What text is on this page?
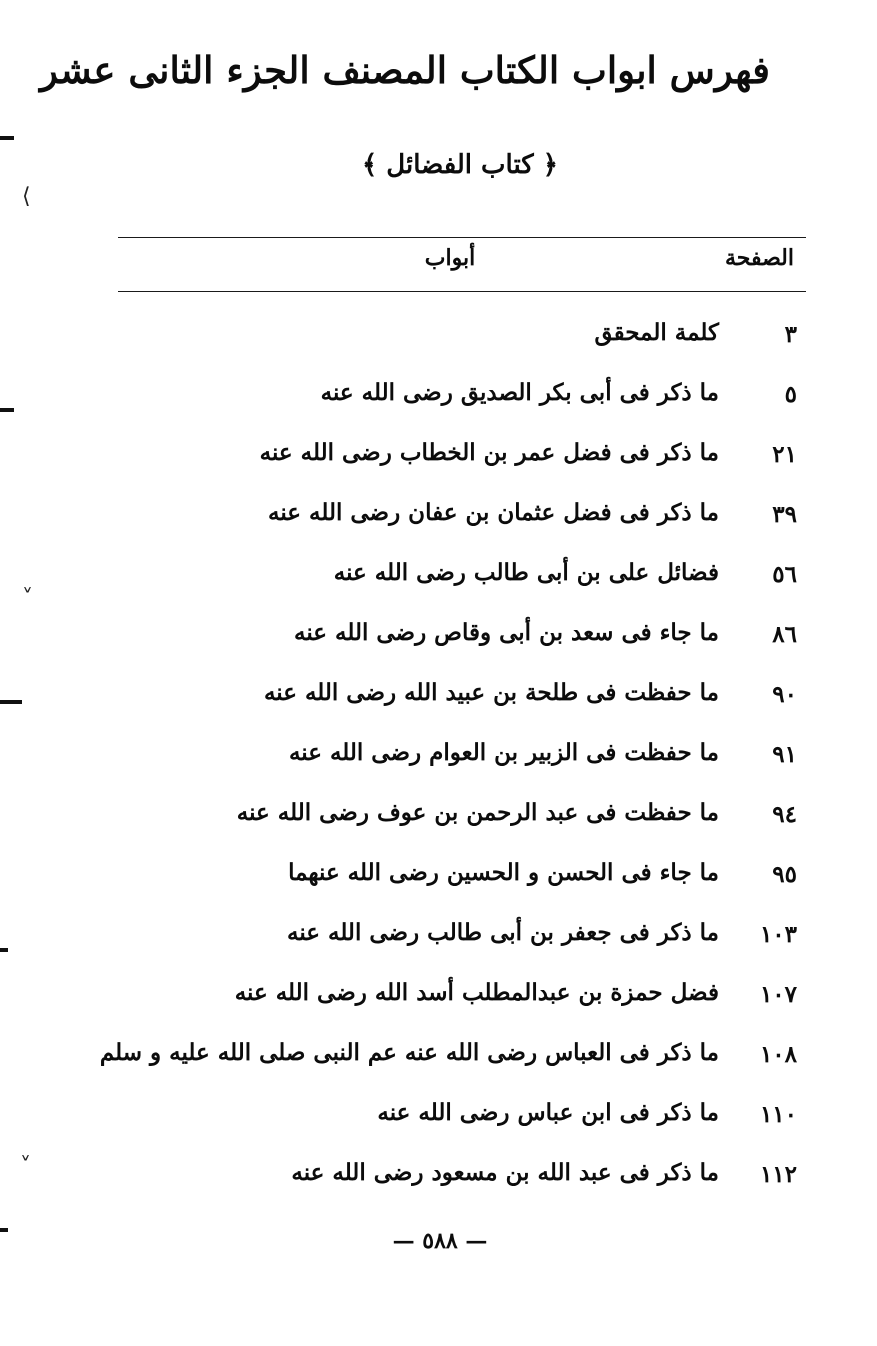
فهرس ابواب الكتاب المصنف الجزء الثانى عشر
﴿ كتاب الفضائل ﴾
الصفحة
أبواب
٣
كلمة المحقق
٥
ما ذكر فى أبى بكر الصديق رضى الله عنه
٢١
ما ذكر فى فضل عمر بن الخطاب رضى الله عنه
٣٩
ما ذكر فى فضل عثمان بن عفان رضى الله عنه
٥٦
فضائل على بن أبى طالب رضى الله عنه
٨٦
ما جاء فى سعد بن أبى وقاص رضى الله عنه
٩٠
ما حفظت فى طلحة بن عبيد الله رضى الله عنه
٩١
ما حفظت فى الزبير بن العوام رضى الله عنه
٩٤
ما حفظت فى عبد الرحمن بن عوف رضى الله عنه
٩٥
ما جاء فى الحسن و الحسين رضى الله عنهما
١٠٣
ما ذكر فى جعفر بن أبى طالب رضى الله عنه
١٠٧
فضل حمزة بن عبدالمطلب أسد الله رضى الله عنه
١٠٨
ما ذكر فى العباس رضى الله عنه عم النبى صلى الله عليه و سلم
١١٠
ما ذكر فى ابن عباس رضى الله عنه
١١٢
ما ذكر فى عبد الله بن مسعود رضى الله عنه
— ٥٨٨ —
⟨
˅
˅
